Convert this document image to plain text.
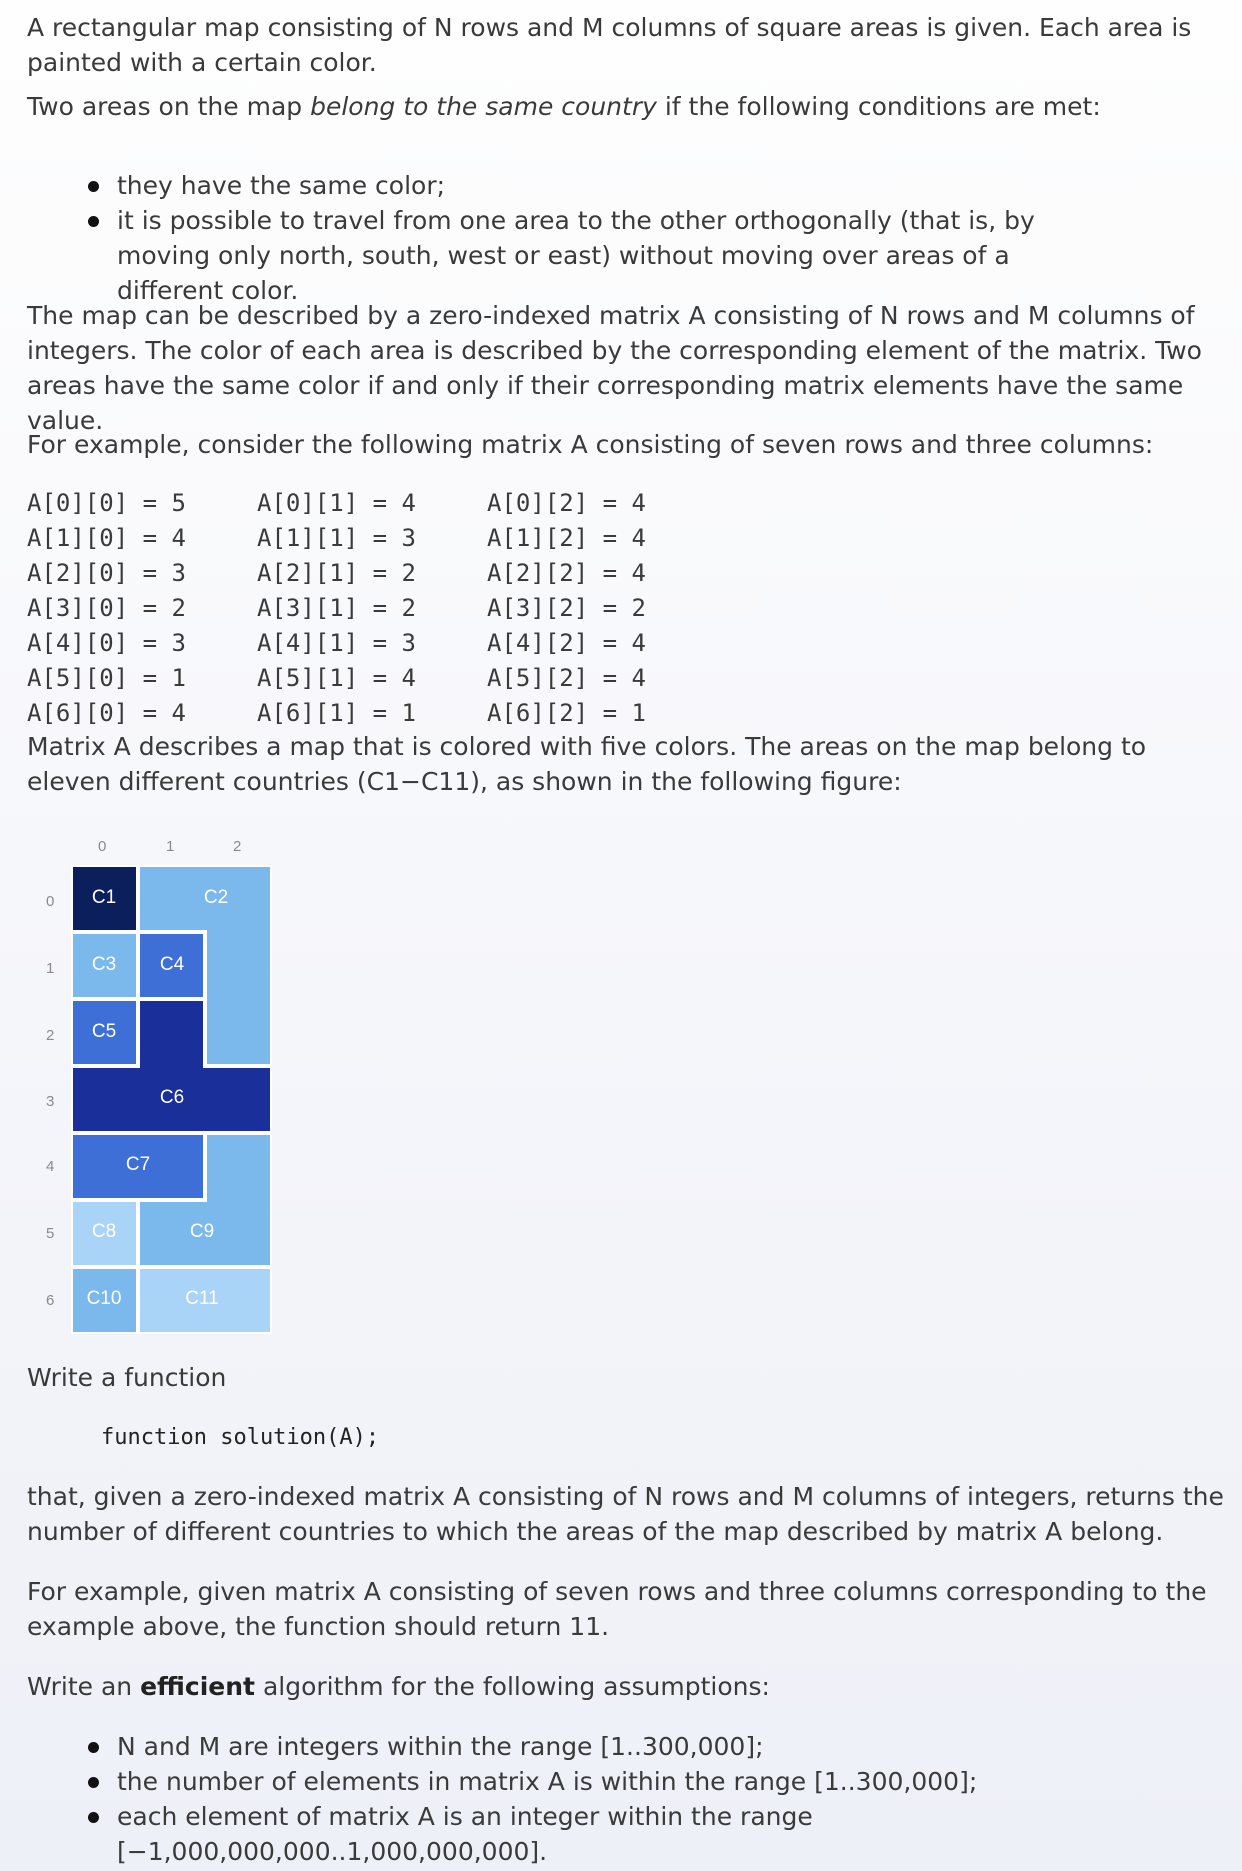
A rectangular map consisting of N rows and M columns of square areas is given. Each area is painted with a certain color.

Two areas on the map belong to the same country if the following conditions are met:

they have the same color;
it is possible to travel from one area to the other orthogonally (that is, by moving only north, south, west or east) without moving over areas of a different color.

The map can be described by a zero-indexed matrix A consisting of N rows and M columns of integers. The color of each area is described by the corresponding element of the matrix. Two areas have the same color if and only if their corresponding matrix elements have the same value.

For example, consider the following matrix A consisting of seven rows and three columns:

A[0][0] = 5	A[0][1] = 4	A[0][2] = 4
A[1][0] = 4	A[1][1] = 3	A[1][2] = 4
A[2][0] = 3	A[2][1] = 2	A[2][2] = 4
A[3][0] = 2	A[3][1] = 2	A[3][2] = 2
A[4][0] = 3	A[4][1] = 3	A[4][2] = 4
A[5][0] = 1	A[5][1] = 4	A[5][2] = 4
A[6][0] = 4	A[6][1] = 1	A[6][2] = 1

Matrix A describes a map that is colored with five colors. The areas on the map belong to eleven different countries (C1−C11), as shown in the following figure:

0	1	2
0
1
2
3
4
5
6
C1	C2
C3 C4
C5
C6
C7
C8	C9
C10	C11

Write a function

function solution(A);

that, given a zero-indexed matrix A consisting of N rows and M columns of integers, returns the number of different countries to which the areas of the map described by matrix A belong.

For example, given matrix A consisting of seven rows and three columns corresponding to the example above, the function should return 11.

Write an efficient algorithm for the following assumptions:

N and M are integers within the range [1..300,000];
the number of elements in matrix A is within the range [1..300,000];
each element of matrix A is an integer within the range [−1,000,000,000..1,000,000,000].
